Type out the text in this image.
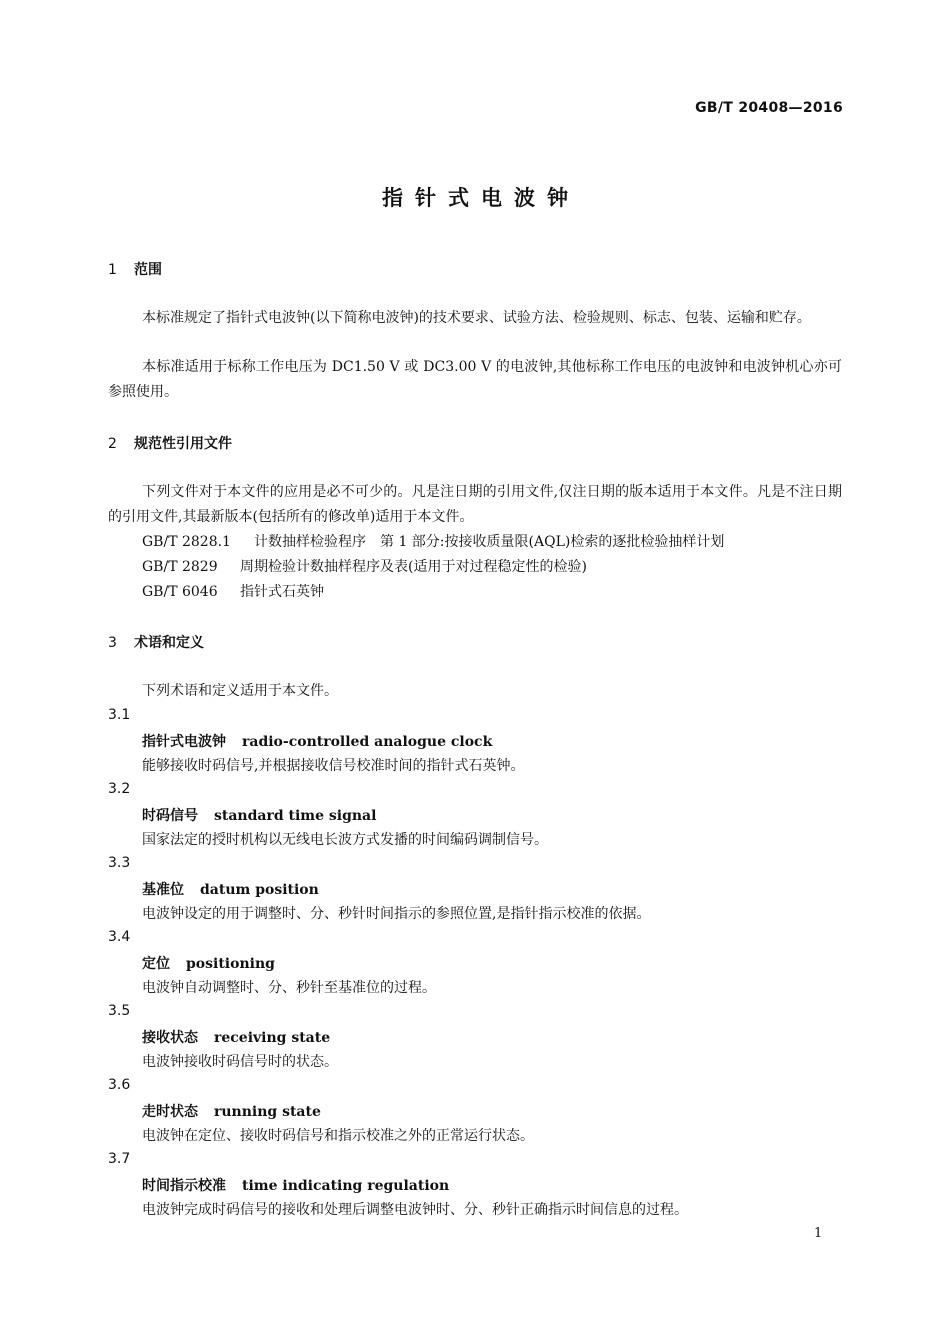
GB/T 20408—2016
指针式电波钟
1 范围
本标准规定了指针式电波钟(以下简称电波钟)的技术要求、试验方法、检验规则、标志、包装、运输和贮存。
本标准适用于标称工作电压为 DC1.50 V 或 DC3.00 V 的电波钟,其他标称工作电压的电波钟和电波钟机心亦可参照使用。
2 规范性引用文件
下列文件对于本文件的应用是必不可少的。凡是注日期的引用文件,仅注日期的版本适用于本文件。凡是不注日期的引用文件,其最新版本(包括所有的修改单)适用于本文件。
GB/T 2828.1 计数抽样检验程序　第 1 部分:按接收质量限(AQL)检索的逐批检验抽样计划
GB/T 2829 周期检验计数抽样程序及表(适用于对过程稳定性的检验)
GB/T 6046 指针式石英钟
3 术语和定义
下列术语和定义适用于本文件。
3.1
指针式电波钟 radio-controlled analogue clock
能够接收时码信号,并根据接收信号校准时间的指针式石英钟。
3.2
时码信号 standard time signal
国家法定的授时机构以无线电长波方式发播的时间编码调制信号。
3.3
基准位 datum position
电波钟设定的用于调整时、分、秒针时间指示的参照位置,是指针指示校准的依据。
3.4
定位 positioning
电波钟自动调整时、分、秒针至基准位的过程。
3.5
接收状态 receiving state
电波钟接收时码信号时的状态。
3.6
走时状态 running state
电波钟在定位、接收时码信号和指示校准之外的正常运行状态。
3.7
时间指示校准 time indicating regulation
电波钟完成时码信号的接收和处理后调整电波钟时、分、秒针正确指示时间信息的过程。
1
